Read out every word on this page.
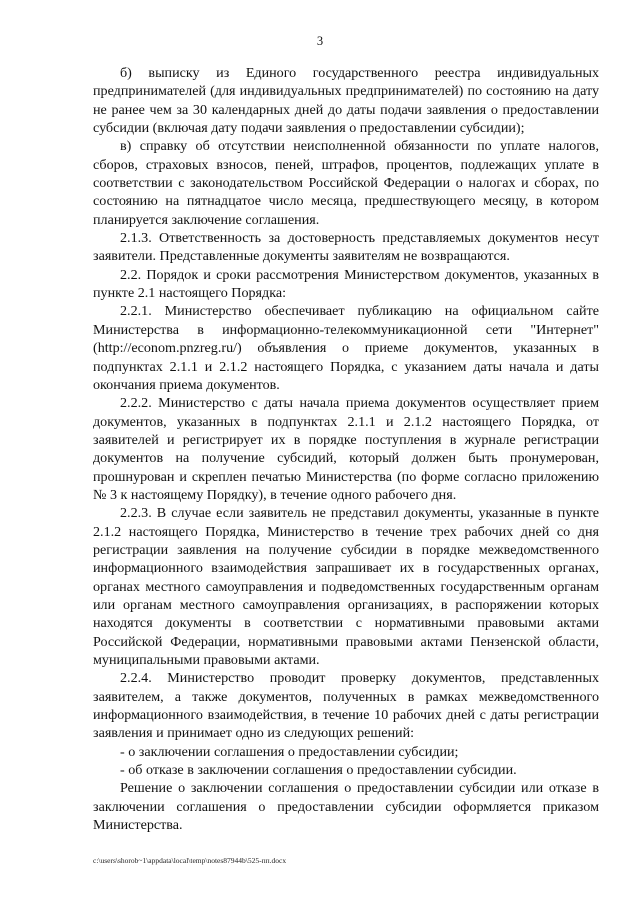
3

б) выписку из Единого государственного реестра индивидуальных предпринимателей (для индивидуальных предпринимателей) по состоянию на дату не ранее чем за 30 календарных дней до даты подачи заявления о предоставлении субсидии (включая дату подачи заявления о предоставлении субсидии);

в) справку об отсутствии неисполненной обязанности по уплате налогов, сборов, страховых взносов, пеней, штрафов, процентов, подлежащих уплате в соответствии с законодательством Российской Федерации о налогах и сборах, по состоянию на пятнадцатое число месяца, предшествующего месяцу, в котором планируется заключение соглашения.

2.1.3. Ответственность за достоверность представляемых документов несут заявители. Представленные документы заявителям не возвращаются.

2.2. Порядок и сроки рассмотрения Министерством документов, указанных в пункте 2.1 настоящего Порядка:

2.2.1. Министерство обеспечивает публикацию на официальном сайте Министерства в информационно-телекоммуникационной сети "Интернет" (http://econom.pnzreg.ru/) объявления о приеме документов, указанных в подпунктах 2.1.1 и 2.1.2 настоящего Порядка, с указанием даты начала и даты окончания приема документов.

2.2.2. Министерство с даты начала приема документов осуществляет прием документов, указанных в подпунктах 2.1.1 и 2.1.2 настоящего Порядка, от заявителей и регистрирует их в порядке поступления в журнале регистрации документов на получение субсидий, который должен быть пронумерован, прошнурован и скреплен печатью Министерства (по форме согласно приложению № 3 к настоящему Порядку), в течение одного рабочего дня.

2.2.3. В случае если заявитель не представил документы, указанные в пункте 2.1.2 настоящего Порядка, Министерство в течение трех рабочих дней со дня регистрации заявления на получение субсидии в порядке межведомственного информационного взаимодействия запрашивает их в государственных органах, органах местного самоуправления и подведомственных государственным органам или органам местного самоуправления организациях, в распоряжении которых находятся документы в соответствии с нормативными правовыми актами Российской Федерации, нормативными правовыми актами Пензенской области, муниципальными правовыми актами.

2.2.4. Министерство проводит проверку документов, представленных заявителем, а также документов, полученных в рамках межведомственного информационного взаимодействия, в течение 10 рабочих дней с даты регистрации заявления и принимает одно из следующих решений:

- о заключении соглашения о предоставлении субсидии;

- об отказе в заключении соглашения о предоставлении субсидии.

Решение о заключении соглашения о предоставлении субсидии или отказе в заключении соглашения о предоставлении субсидии оформляется приказом Министерства.

c:\users\shorob~1\appdata\local\temp\notes87944b\525-пп.docx
